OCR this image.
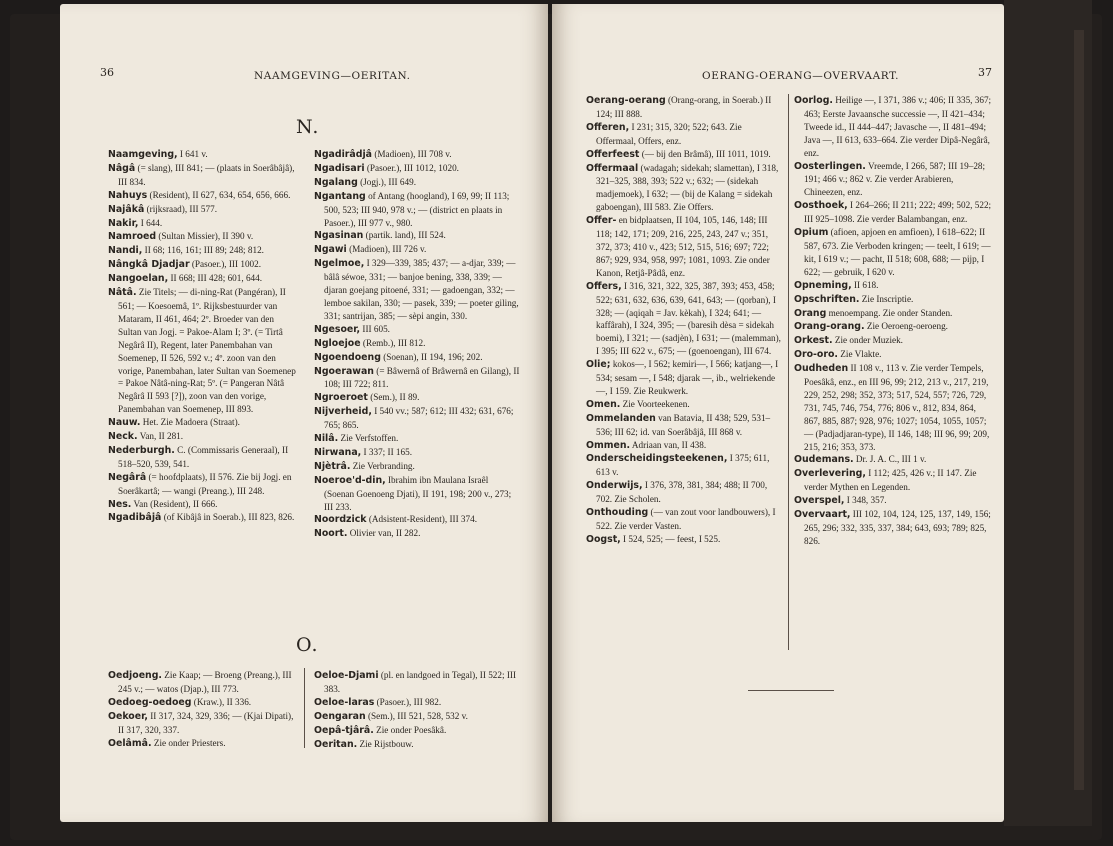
36	NAAMGEVING—OERITAN.
N.
Naamgeving, I 641 v.
Nâgâ (= slang), III 841; — (plaats in Soerâbâjâ), III 834.
Nahuys (Resident), II 627, 634, 654, 656, 666.
Najâkâ (rijksraad), III 577.
Nakir, I 644.
Namroed (Sultan Missier), II 390 v.
Nandi, II 68; 116, 161; III 89; 248; 812.
Nângkâ Djadjar (Pasoer.), III 1002.
Nangoelan, II 668; III 428; 601, 644.
Nâtâ. Zie Titels; — di-ning-Rat (Pangéran), II 561; — Koesoemâ, 1º. Rijksbestuurder van Mataram, II 461, 464; 2º. Broeder van den Sultan van Jogj. = Pakoe-Alam I; 3º. (= Tirtâ Negârâ II), Regent, later Panembahan van Soemenep, II 526, 592 v.; 4º. zoon van den vorige, Panembahan, later Sultan van Soemenep = Pakoe Nâtâ-ning-Rat; 5º. (= Pangeran Nâtâ Negârâ II 593 [?]), zoon van den vorige, Panembahan van Soemenep, III 893.
Nauw. Het. Zie Madoera (Straat).
Neck. Van, II 281.
Nederburgh. C. (Commissaris Generaal), II 518–520, 539, 541.
Negârâ (= hoofdplaats), II 576. Zie bij Jogj. en Soerâkartâ; — wangi (Preang.), III 248.
Nes. Van (Resident), II 666.
Ngadibâjâ (of Kibâjâ in Soerab.), III 823, 826.
Ngadirâdjâ (Madioen), III 708 v.
Ngadisari (Pasoer.), III 1012, 1020.
Ngalang (Jogj.), III 649.
Ngantang of Antang (hoogland), I 69, 99; II 113; 500, 523; III 940, 978 v.; — (district en plaats in Pasoer.), III 977 v., 980.
Ngasinan (partik. land), III 524.
Ngawi (Madioen), III 726 v.
Ngelmoe, I 329—339, 385; 437; — a-djar, 339; — bâlâ séwoe, 331; — banjoe bening, 338, 339; — djaran goejang pitoené, 331; — gadoengan, 332; — lemboe sakilan, 330; — pasek, 339; — poeter giling, 331; santrijan, 385; — sèpi angin, 330.
Ngesoer, III 605.
Ngloejoe (Remb.), III 812.
Ngoendoeng (Soenan), II 194, 196; 202.
Ngoerawan (= Bâwernâ of Brâwernâ en Gilang), II 108; III 722; 811.
Ngroeroet (Sem.), II 89.
Nijverheid, I 540 vv.; 587; 612; III 432; 631, 676; 765; 865.
Nilâ. Zie Verfstoffen.
Nirwana, I 337; II 165.
Njètrâ. Zie Verbranding.
Noeroe'd-din, Ibrahim ibn Maulana Israêl (Soenan Goenoeng Djati), II 191, 198; 200 v., 273; III 233.
Noordzick (Adsistent-Resident), III 374.
Noort. Olivier van, II 282.
O.
Oedjoeng. Zie Kaap; — Broeng (Preang.), III 245 v.; — watos (Djap.), III 773.
Oedoeg-oedoeg (Kraw.), II 336.
Oekoer, II 317, 324, 329, 336; — (Kjai Dipati), II 317, 320, 337.
Oelâmâ. Zie onder Priesters.
Oeloe-Djami (pl. en landgoed in Tegal), II 522; III 383.
Oeloe-laras (Pasoer.), III 982.
Oengaran (Sem.), III 521, 528, 532 v.
Oepâ-tjârâ. Zie onder Poesâkâ.
Oeritan. Zie Rijstbouw.
OERANG-OERANG—OVERVAART.	37
Oerang-oerang (Orang-orang, in Soerab.) II 124; III 888.
Offeren, I 231; 315, 320; 522; 643. Zie Offermaal, Offers, enz.
Offerfeest (— bij den Brâmâ), III 1011, 1019.
Offermaal (wadagah; sidekah; slamettan), I 318, 321–325, 388, 393; 522 v.; 632; — (sidekah madjemoek), I 632; — (bij de Kalang = sidekah gaboengan), III 583. Zie Offers.
Offer- en bidplaatsen, II 104, 105, 146, 148; III 118; 142, 171; 209, 216, 225, 243, 247 v.; 351, 372, 373; 410 v., 423; 512, 515, 516; 697; 722; 867; 929, 934, 958, 997; 1081, 1093. Zie onder Kanon, Retjâ-Pâdâ, enz.
Offers, I 316, 321, 322, 325, 387, 393; 453, 458; 522; 631, 632, 636, 639, 641, 643; — (qorban), I 328; — (aqiqah = Jav. kèkah), I 324; 641; — kaffârah), I 324, 395; — (baresih dèsa = sidekah boemi), I 321; — (sadjèn), I 631; — (malemman), I 395; III 622 v., 675; — (goenoengan), III 674.
Olie; kokos—, I 562; kemiri—, I 566; katjang—, I 534; sesam —, I 548; djarak —, ib., welriekende —, I 159. Zie Reukwerk.
Omen. Zie Voorteekenen.
Ommelanden van Batavia, II 438; 529, 531–536; III 62; id. van Soerâbâjâ, III 868 v.
Ommen. Adriaan van, II 438.
Onderscheidingsteekenen, I 375; 611, 613 v.
Onderwijs, I 376, 378, 381, 384; 488; II 700, 702. Zie Scholen.
Onthouding (— van zout voor landbouwers), I 522. Zie verder Vasten.
Oogst, I 524, 525; — feest, I 525.
Oorlog. Heilige —, I 371, 386 v.; 406; II 335, 367; 463; Eerste Javaansche successie —, II 421–434; Tweede id., II 444–447; Javasche —, II 481–494; Java —, II 613, 633–664. Zie verder Dipâ-Negârâ, enz.
Oosterlingen. Vreemde, I 266, 587; III 19–28; 191; 466 v.; 862 v. Zie verder Arabieren, Chineezen, enz.
Oosthoek, I 264–266; II 211; 222; 499; 502, 522; III 925–1098. Zie verder Balambangan, enz.
Opium (afioen, apjoen en amfioen), I 618–622; II 587, 673. Zie Verboden kringen; — teelt, I 619; — kit, I 619 v.; — pacht, II 518; 608, 688; — pijp, I 622; — gebruik, I 620 v.
Opneming, II 618.
Opschriften. Zie Inscriptie.
Orang menoempang. Zie onder Standen.
Orang-orang. Zie Oeroeng-oeroeng.
Orkest. Zie onder Muziek.
Oro-oro. Zie Vlakte.
Oudheden II 108 v., 113 v. Zie verder Tempels, Poesâkâ, enz., en III 96, 99; 212, 213 v., 217, 219, 229, 252, 298; 352, 373; 517, 524, 557; 726, 729, 731, 745, 746, 754, 776; 806 v., 812, 834, 864, 867, 885, 887; 928, 976; 1027; 1054, 1055, 1057; — (Padjadjaran-type), II 146, 148; III 96, 99; 209, 215, 216; 353, 373.
Oudemans. Dr. J. A. C., III 1 v.
Overlevering, I 112; 425, 426 v.; II 147. Zie verder Mythen en Legenden.
Overspel, I 348, 357.
Overvaart, III 102, 104, 124, 125, 137, 149, 156; 265, 296; 332, 335, 337, 384; 643, 693; 789; 825, 826.
